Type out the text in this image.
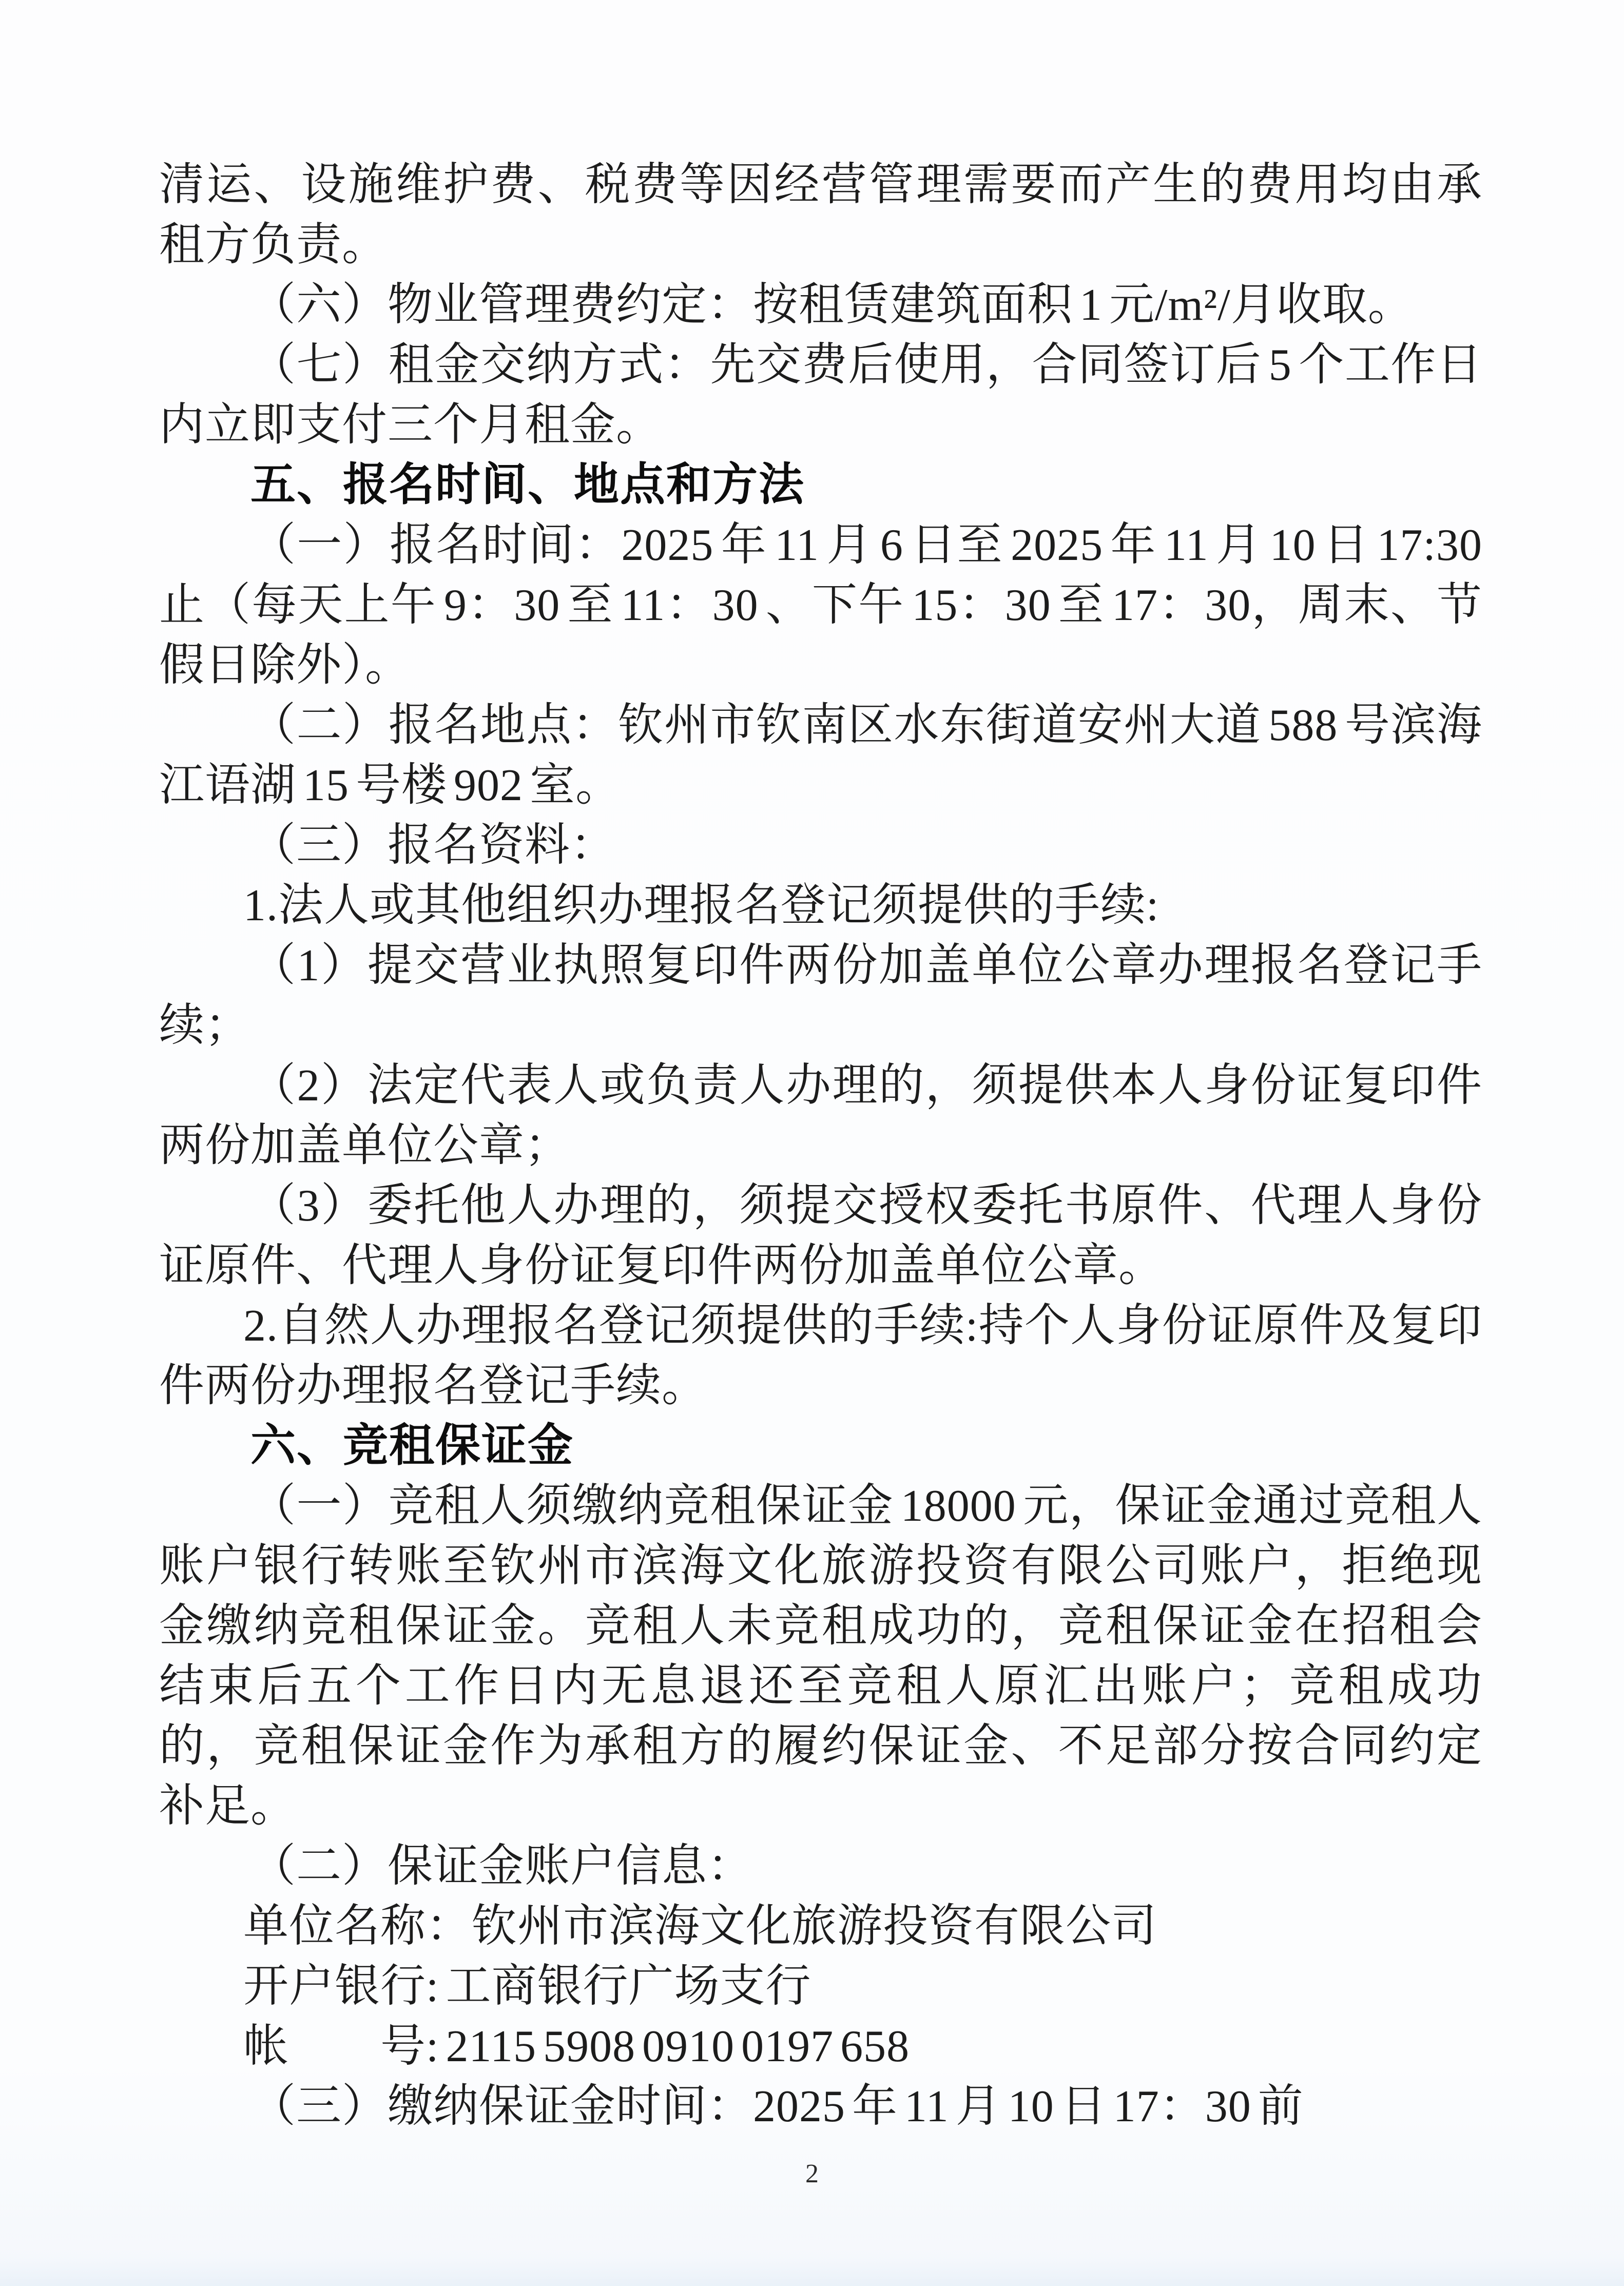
清运、设施维护费、税费等因经营管理需要而产生的费用均由承租方负责。

（六）物业管理费约定：按租赁建筑面积 1 元/m²/月收取。

（七）租金交纳方式：先交费后使用，合同签订后 5 个工作日内立即支付三个月租金。

五、报名时间、地点和方法

（一）报名时间：2025 年 11 月 6 日至 2025 年 11 月 10 日 17:30 止（每天上午 9：30 至 11：30 、下午 15：30 至 17：30，周末、节假日除外）。

（二）报名地点：钦州市钦南区水东街道安州大道 588 号滨海江语湖 15 号楼 902 室。

（三）报名资料：

1.法人或其他组织办理报名登记须提供的手续:

（1）提交营业执照复印件两份加盖单位公章办理报名登记手续；

（2）法定代表人或负责人办理的，须提供本人身份证复印件两份加盖单位公章；

（3）委托他人办理的，须提交授权委托书原件、代理人身份证原件、代理人身份证复印件两份加盖单位公章。

2.自然人办理报名登记须提供的手续:持个人身份证原件及复印件两份办理报名登记手续。

六、竞租保证金

（一）竞租人须缴纳竞租保证金 18000 元，保证金通过竞租人账户银行转账至钦州市滨海文化旅游投资有限公司账户，拒绝现金缴纳竞租保证金。竞租人未竞租成功的，竞租保证金在招租会结束后五个工作日内无息退还至竞租人原汇出账户；竞租成功的，竞租保证金作为承租方的履约保证金、不足部分按合同约定补足。

（二）保证金账户信息：

单位名称：钦州市滨海文化旅游投资有限公司

开户银行: 工商银行广场支行

帐　　号: 2115 5908 0910 0197 658

（三）缴纳保证金时间：2025 年 11 月 10 日 17：30 前

2
